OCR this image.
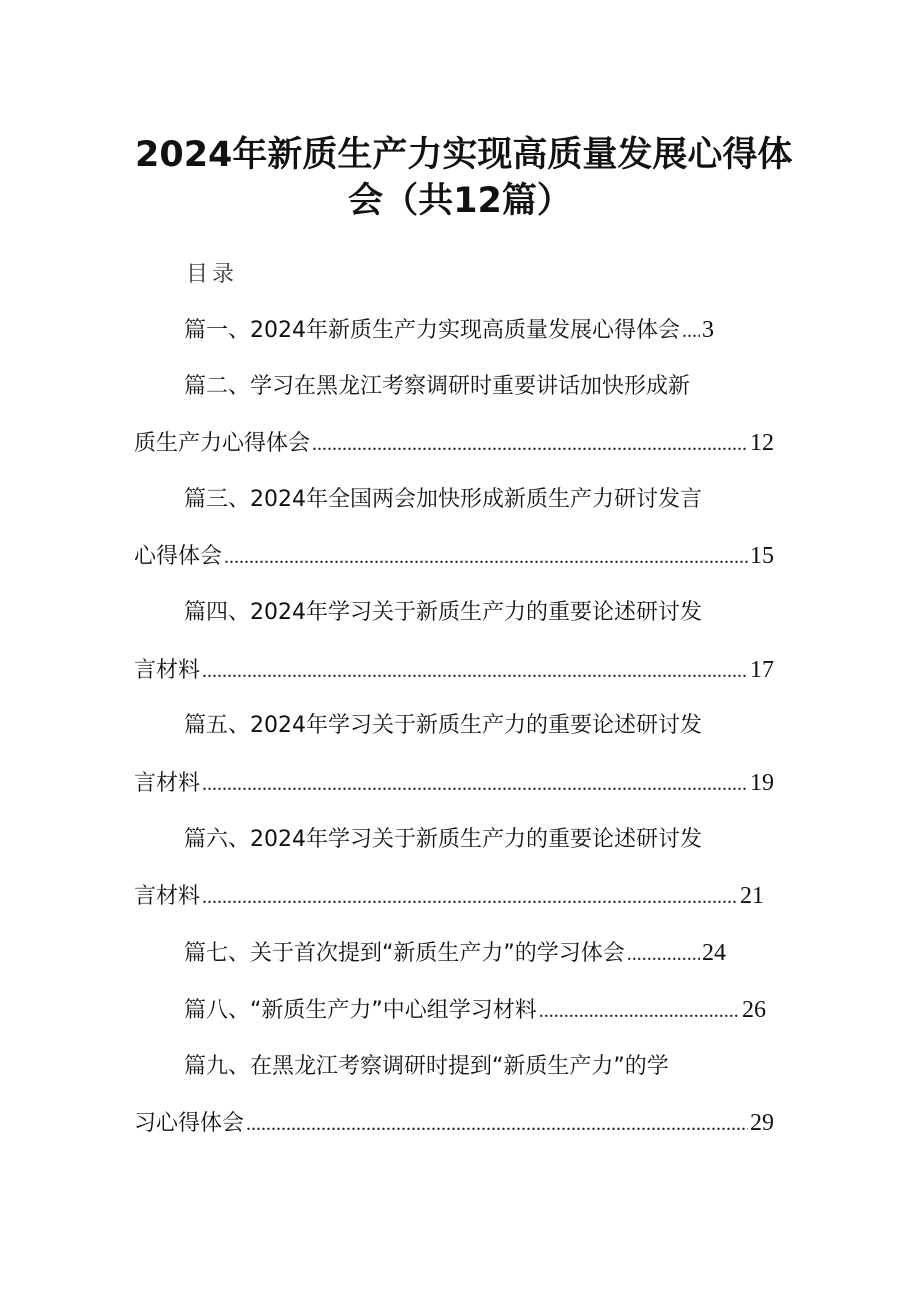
2024年新质生产力实现高质量发展心得体
会（共12篇）
目录
篇一、2024年新质生产力实现高质量发展心得体会 ..... 3
篇二、学习在黑龙江考察调研时重要讲话加快形成新
质生产力心得体会 .....	12
篇三、2024年全国两会加快形成新质生产力研讨发言
心得体会 .....	15
篇四、2024年学习关于新质生产力的重要论述研讨发
言材料 .....	17
篇五、2024年学习关于新质生产力的重要论述研讨发
言材料 .....	19
篇六、2024年学习关于新质生产力的重要论述研讨发
言材料 .....	21
篇七、关于首次提到“新质生产力”的学习体会 .....	24
篇八、“新质生产力”中心组学习材料 .....	26
篇九、在黑龙江考察调研时提到“新质生产力”的学
习心得体会 .....	29
